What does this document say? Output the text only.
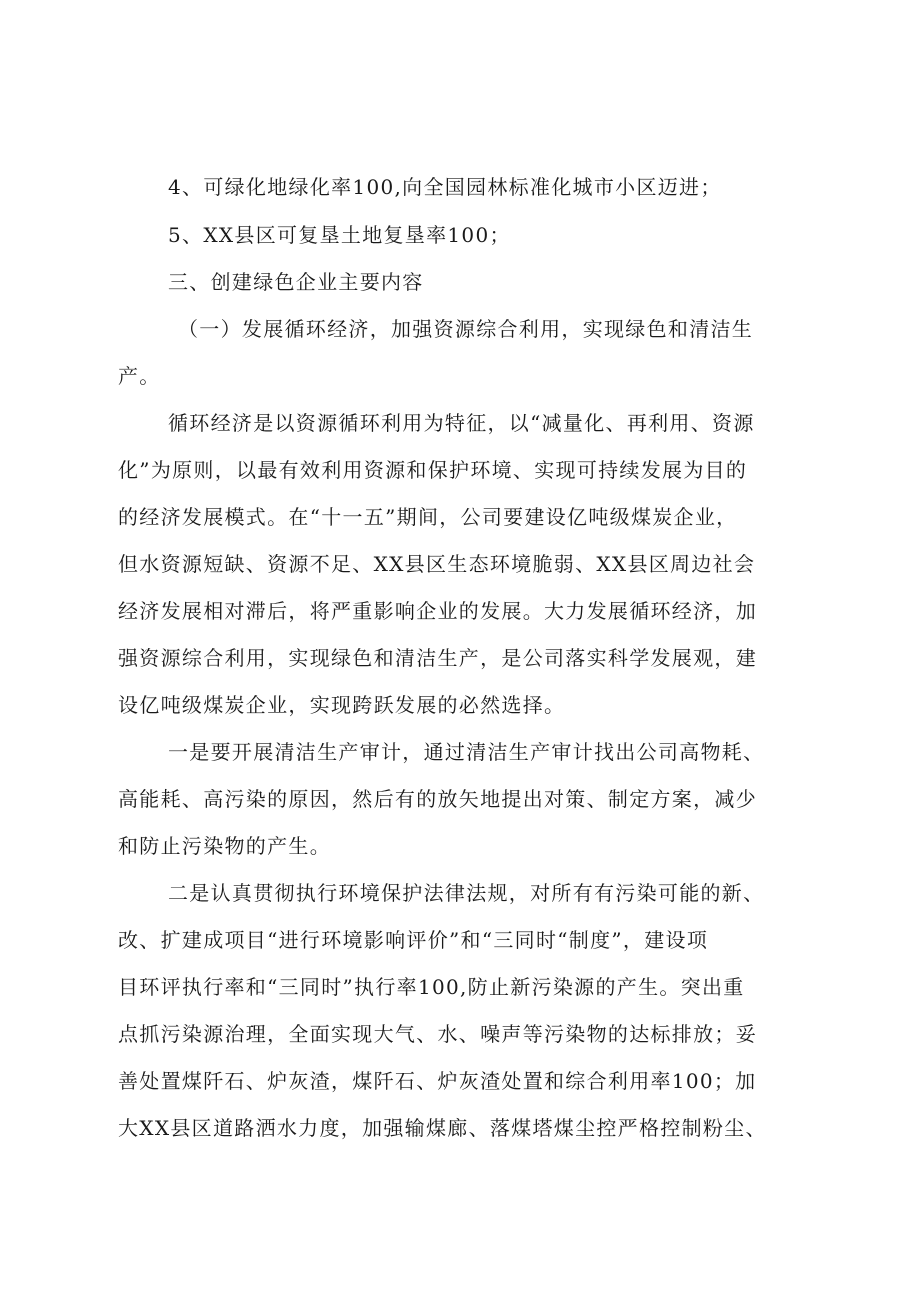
4、可绿化地绿化率100,向全国园林标准化城市小区迈进；
5、XX县区可复垦土地复垦率100；
三、创建绿色企业主要内容
（一）发展循环经济，加强资源综合利用，实现绿色和清洁生
产。
循环经济是以资源循环利用为特征，以“减量化、再利用、资源
化”为原则，以最有效利用资源和保护环境、实现可持续发展为目的
的经济发展模式。在“十一五”期间，公司要建设亿吨级煤炭企业，
但水资源短缺、资源不足、XX县区生态环境脆弱、XX县区周边社会
经济发展相对滞后，将严重影响企业的发展。大力发展循环经济，加
强资源综合利用，实现绿色和清洁生产，是公司落实科学发展观，建
设亿吨级煤炭企业，实现跨跃发展的必然选择。
一是要开展清洁生产审计，通过清洁生产审计找出公司高物耗、
高能耗、高污染的原因，然后有的放矢地提出对策、制定方案，减少
和防止污染物的产生。
二是认真贯彻执行环境保护法律法规，对所有有污染可能的新、
改、扩建成项目“进行环境影响评价”和“三同时“制度”，建设项
目环评执行率和“三同时”执行率100,防止新污染源的产生。突出重
点抓污染源治理，全面实现大气、水、噪声等污染物的达标排放；妥
善处置煤阡石、炉灰渣，煤阡石、炉灰渣处置和综合利用率100；加
大XX县区道路洒水力度，加强输煤廊、落煤塔煤尘控严格控制粉尘、
